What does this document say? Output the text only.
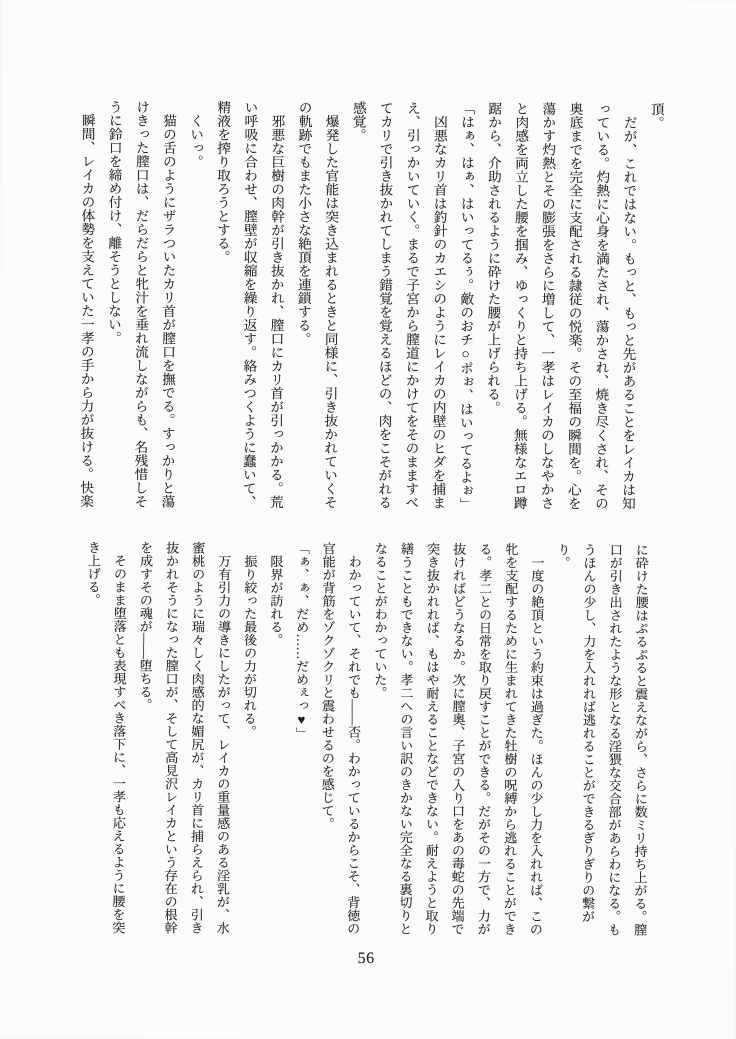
頂。
　だが、これではない。もっと、もっと先があることをレイカは知
っている。灼熱に心身を満たされ、蕩かされ、焼き尽くされ、その
奥底までを完全に支配される隷従の悦楽。その至福の瞬間を。心を
蕩かす灼熱とその膨張をさらに増して、一孝はレイカのしなやかさ
と肉感を両立した腰を掴み、ゆっくりと持ち上げる。無様なエロ蹲
踞から、介助されるように砕けた腰が上げられる。
「はぁ、はぁ、はいってるぅ。敵のおチ○ポぉ、はいってるよぉ」
　凶悪なカリ首は釣針のカエシのようにレイカの内壁のヒダを捕ま
え、引っかいていく。まるで子宮から膣道にかけてをそのまますべ
てカリで引き抜かれてしまう錯覚を覚えるほどの、肉をこそがれる
感覚。
　爆発した官能は突き込まれるときと同様に、引き抜かれていくそ
の軌跡でもまた小さな絶頂を連鎖する。
　邪悪な巨樹の肉幹が引き抜かれ、膣口にカリ首が引っかかる。荒
い呼吸に合わせ、膣壁が収縮を繰り返す。絡みつくように蠢いて、
精液を搾り取ろうとする。
　くいっ。
　猫の舌のようにザラついたカリ首が膣口を撫でる。すっかりと蕩
けきった膣口は、だらだらと牝汁を垂れ流しながらも、名残惜しそ
うに鈴口を締め付け、離そうとしない。
　瞬間、レイカの体勢を支えていた一孝の手から力が抜ける。快楽
に砕けた腰はぷるぷると震えながら、さらに数ミリ持ち上がる。膣
口が引き出されたような形となる淫猥な交合部があらわになる。も
うほんの少し、力を入れれば逃れることができるぎりぎりの繋が
り。
　一度の絶頂という約束は過ぎた。ほんの少し力を入れれば、この
牝を支配するために生まれてきた牡樹の呪縛から逃れることができ
る。孝二との日常を取り戻すことができる。だがその一方で、力が
抜ければどうなるか。次に膣奥、子宮の入り口をあの毒蛇の先端で
突き抜かれれば、もはや耐えることなどできない。耐えようと取り
繕うこともできない。孝二への言い訳のきかない完全なる裏切りと
なることがわかっていた。
　わかっていて、それでも——否。わかっているからこそ、背徳の
官能が背筋をゾクゾクリと震わせるのを感じて。
「ぁ、ぁ、だめ……だめぇっ♥」
　限界が訪れる。
　振り絞った最後の力が切れる。
　万有引力の導きにしたがって、レイカの重量感のある淫乳が、水
蜜桃のように瑞々しく肉感的な媚尻が、カリ首に捕らえられ、引き
抜かれそうになった膣口が、そして高見沢レイカという存在の根幹
を成すその魂が——堕ちる。
　そのまま堕落とも表現すべき落下に、一孝も応えるように腰を突
き上げる。
56
